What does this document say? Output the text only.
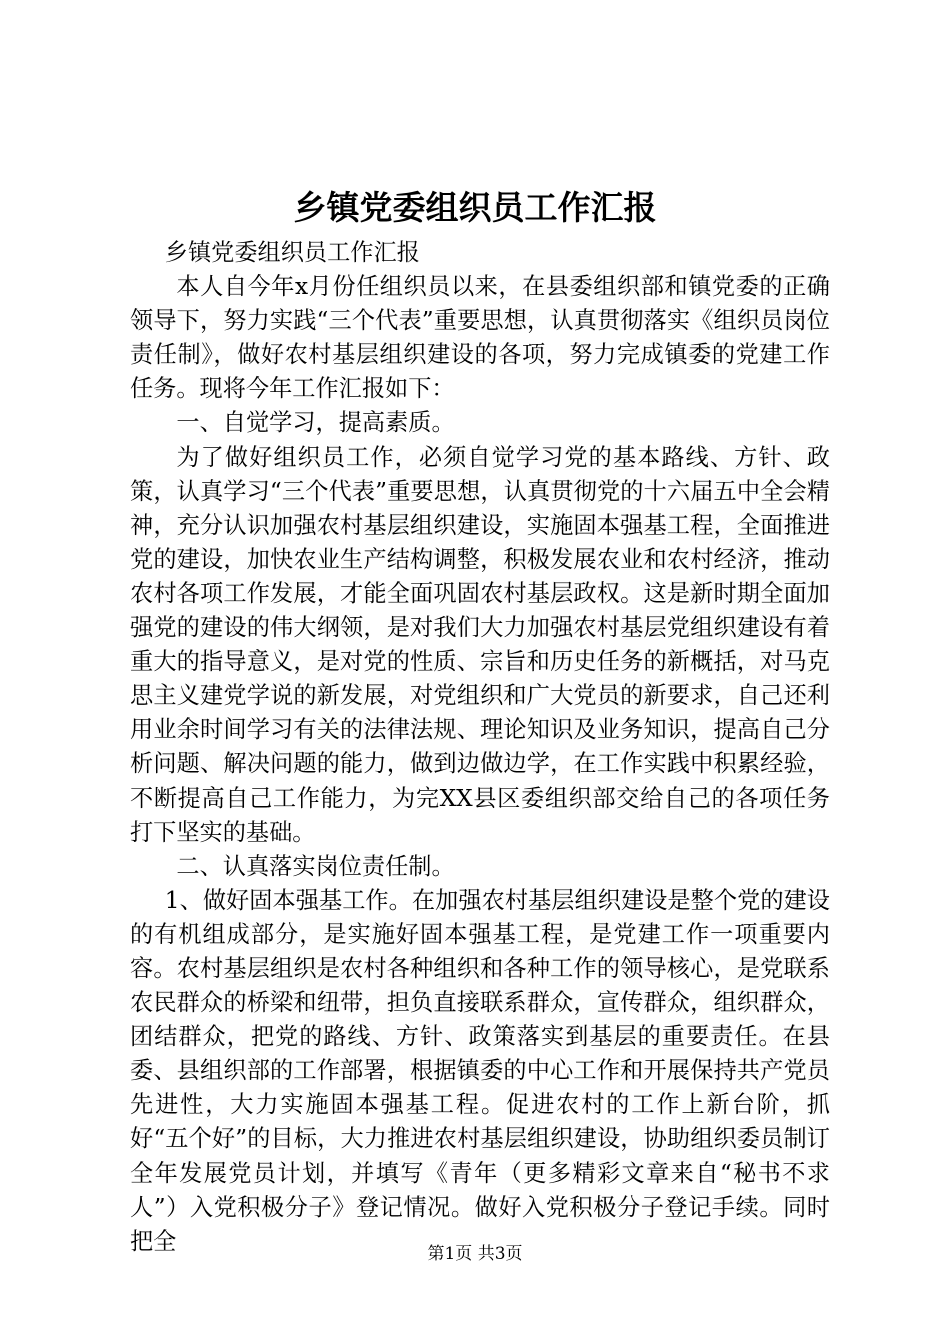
乡镇党委组织员工作汇报

乡镇党委组织员工作汇报

本人自今年x月份任组织员以来，在县委组织部和镇党委的正确领导下，努力实践“三个代表”重要思想，认真贯彻落实《组织员岗位责任制》，做好农村基层组织建设的各项，努力完成镇委的党建工作任务。现将今年工作汇报如下：

一、自觉学习，提高素质。

为了做好组织员工作，必须自觉学习党的基本路线、方针、政策，认真学习“三个代表”重要思想，认真贯彻党的十六届五中全会精神，充分认识加强农村基层组织建设，实施固本强基工程，全面推进党的建设，加快农业生产结构调整，积极发展农业和农村经济，推动农村各项工作发展，才能全面巩固农村基层政权。这是新时期全面加强党的建设的伟大纲领，是对我们大力加强农村基层党组织建设有着重大的指导意义，是对党的性质、宗旨和历史任务的新概括，对马克思主义建党学说的新发展，对党组织和广大党员的新要求，自己还利用业余时间学习有关的法律法规、理论知识及业务知识，提高自己分析问题、解决问题的能力，做到边做边学，在工作实践中积累经验，不断提高自己工作能力，为完XX县区委组织部交给自己的各项任务打下坚实的基础。

二、认真落实岗位责任制。

1、做好固本强基工作。在加强农村基层组织建设是整个党的建设的有机组成部分，是实施好固本强基工程，是党建工作一项重要内容。农村基层组织是农村各种组织和各种工作的领导核心，是党联系农民群众的桥梁和纽带，担负直接联系群众，宣传群众，组织群众，团结群众，把党的路线、方针、政策落实到基层的重要责任。在县委、县组织部的工作部署，根据镇委的中心工作和开展保持共产党员先进性，大力实施固本强基工程。促进农村的工作上新台阶，抓好“五个好”的目标，大力推进农村基层组织建设，协助组织委员制订全年发展党员计划，并填写《青年（更多精彩文章来自“秘书不求人”）入党积极分子》登记情况。做好入党积极分子登记手续。同时把全	第1页 共3页
